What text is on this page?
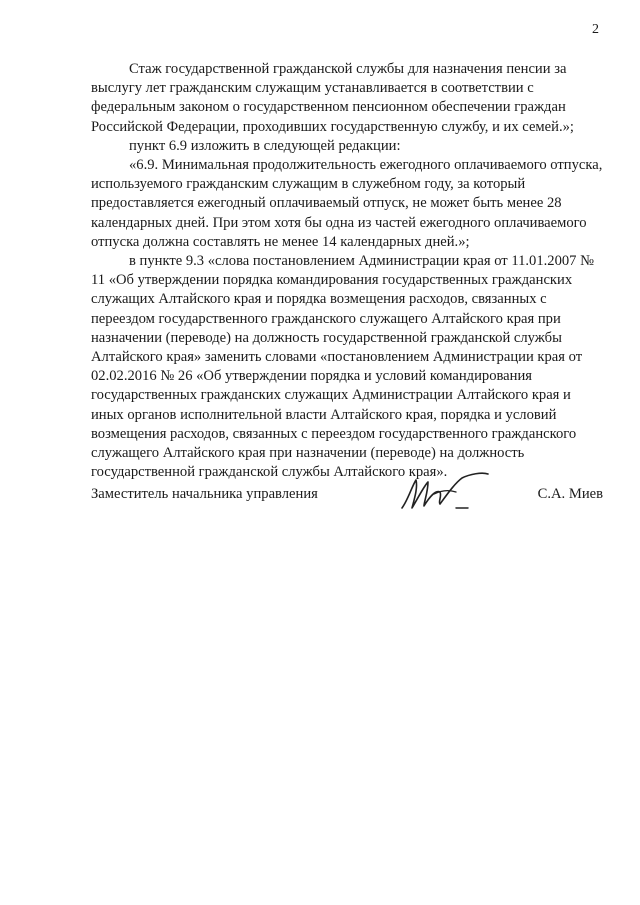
2

Стаж государственной гражданской службы для назначения пенсии за выслугу лет гражданским служащим устанавливается в соответствии с федеральным законом о государственном пенсионном обеспечении граждан Российской Федерации, проходивших государственную службу, и их семей.»;

пункт 6.9 изложить в следующей редакции:

«6.9. Минимальная продолжительность ежегодного оплачиваемого отпуска, используемого гражданским служащим в служебном году, за который предоставляется ежегодный оплачиваемый отпуск, не может быть менее 28 календарных дней. При этом хотя бы одна из частей ежегодного оплачиваемого отпуска должна составлять не менее 14 календарных дней.»;

в пункте 9.3 «слова постановлением Администрации края от 11.01.2007 № 11 «Об утверждении порядка командирования государственных гражданских служащих Алтайского края и порядка возмещения расходов, связанных с переездом государственного гражданского служащего Алтайского края при назначении (переводе) на должность государственной гражданской службы Алтайского края» заменить словами «постановлением Администрации края от 02.02.2016 № 26 «Об утверждении порядка и условий командирования государственных гражданских служащих Администрации Алтайского края и иных органов исполнительной власти Алтайского края, порядка и условий возмещения расходов, связанных с переездом государственного гражданского служащего Алтайского края при назначении (переводе) на должность государственной гражданской службы Алтайского края».

Заместитель начальника управления	С.А. Миев
